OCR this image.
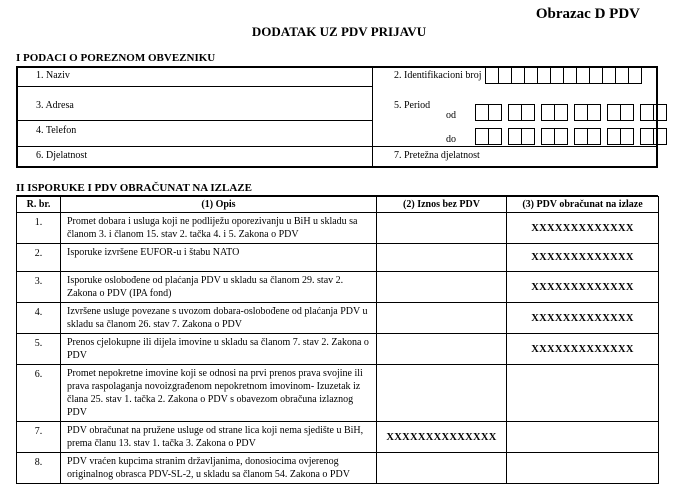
Obrazac D PDV
DODATAK UZ PDV PRIJAVU
I PODACI O POREZNOM OBVEZNIKU
1. Naziv
3. Adresa
4. Telefon
6. Djelatnost
2. Identifikacioni broj
5. Period
od
do
7. Pretežna djelatnost
II ISPORUKE I PDV OBRAČUNAT NA IZLAZE
R. br.	(1) Opis	(2) Iznos bez PDV	(3) PDV obračunat na izlaze
1.	Promet dobara i usluga koji ne podliježu oporezivanju u BiH u skladu sa članom 3. i članom 15. stav 2. tačka 4. i 5. Zakona o PDV		XXXXXXXXXXXXX
2.	Isporuke izvršene EUFOR-u i štabu NATO		XXXXXXXXXXXXX
3.	Isporuke oslobođene od plaćanja PDV u skladu sa članom 29. stav 2. Zakona o PDV (IPA fond)		XXXXXXXXXXXXX
4.	Izvršene usluge povezane s uvozom dobara-oslobođene od plaćanja PDV u skladu sa članom 26. stav 7. Zakona o PDV		XXXXXXXXXXXXX
5.	Prenos cjelokupne ili dijela imovine u skladu sa članom 7. stav 2. Zakona o PDV		XXXXXXXXXXXXX
6.	Promet nepokretne imovine koji se odnosi na prvi prenos prava svojine ili prava raspolaganja novoizgrađenom nepokretnom imovinom- Izuzetak iz člana 25. stav 1. tačka 2. Zakona o PDV s obavezom obračuna izlaznog PDV		
7.	PDV obračunat na pružene usluge od strane lica koji nema sjedište u BiH, prema članu 13. stav 1. tačka 3. Zakona o PDV	XXXXXXXXXXXXXX	
8.	PDV vraćen kupcima stranim državljanima, donosiocima ovjerenog originalnog obrasca PDV-SL-2, u skladu sa članom 54. Zakona o PDV		
